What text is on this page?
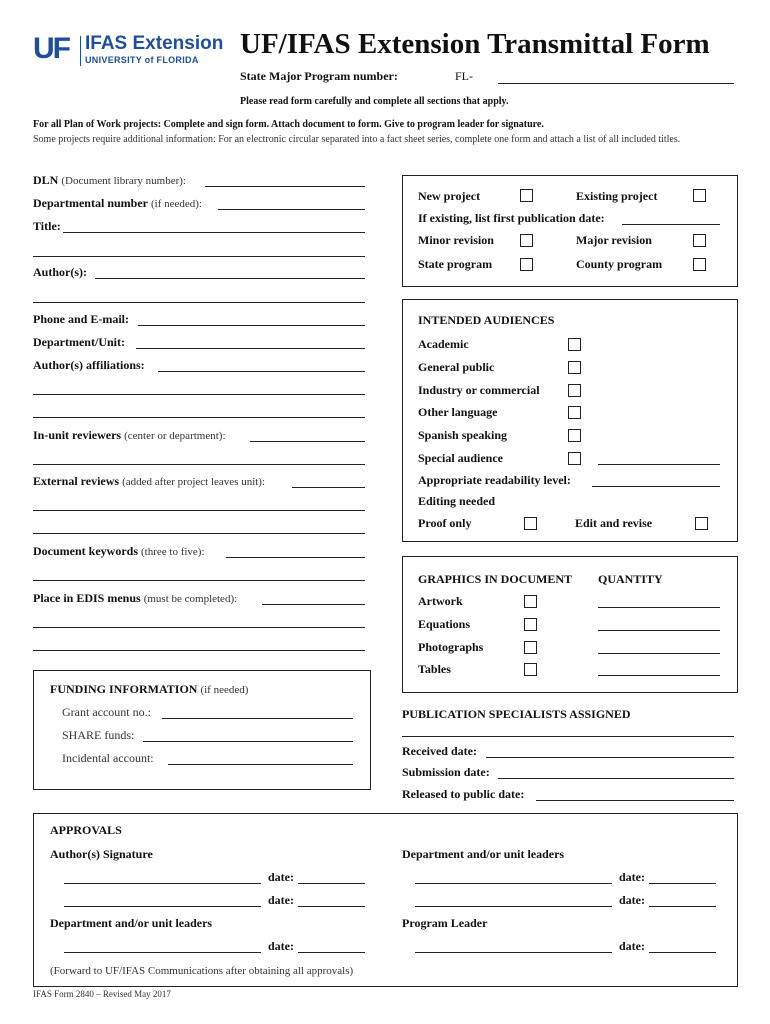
UF IFAS Extension
UNIVERSITY of FLORIDA UF/IFAS Extension Transmittal Form
State Major Program number:	FL-
Please read form carefully and complete all sections that apply.
For all Plan of Work projects: Complete and sign form. Attach document to form. Give to program leader for signature.
Some projects require additional information: For an electronic circular separated into a fact sheet series, complete one form and attach a list of all included titles.
DLN (Document library number):
Departmental number (if needed):
Title:
Author(s):
Phone and E-mail:
Department/Unit:
Author(s) affiliations:
In-unit reviewers (center or department):
External reviews (added after project leaves unit):
Document keywords (three to five):
Place in EDIS menus (must be completed):
New project	Existing project
If existing, list first publication date:
Minor revision	Major revision
State program	County program
INTENDED AUDIENCES
Academic
General public
Industry or commercial
Other language
Spanish speaking
Special audience
Appropriate readability level:
Editing needed
Proof only	Edit and revise
GRAPHICS IN DOCUMENT QUANTITY
Artwork
Equations
Photographs
Tables
FUNDING INFORMATION (if needed)
Grant account no.:
SHARE funds:
Incidental account:
PUBLICATION SPECIALISTS ASSIGNED
Received date:
Submission date:
Released to public date:
APPROVALS
Author(s) Signature	Department and/or unit leaders
date:	date:
date:	date:
Department and/or unit leaders	Program Leader
date:	date:
(Forward to UF/IFAS Communications after obtaining all approvals)
IFAS Form 2840 – Revised May 2017
